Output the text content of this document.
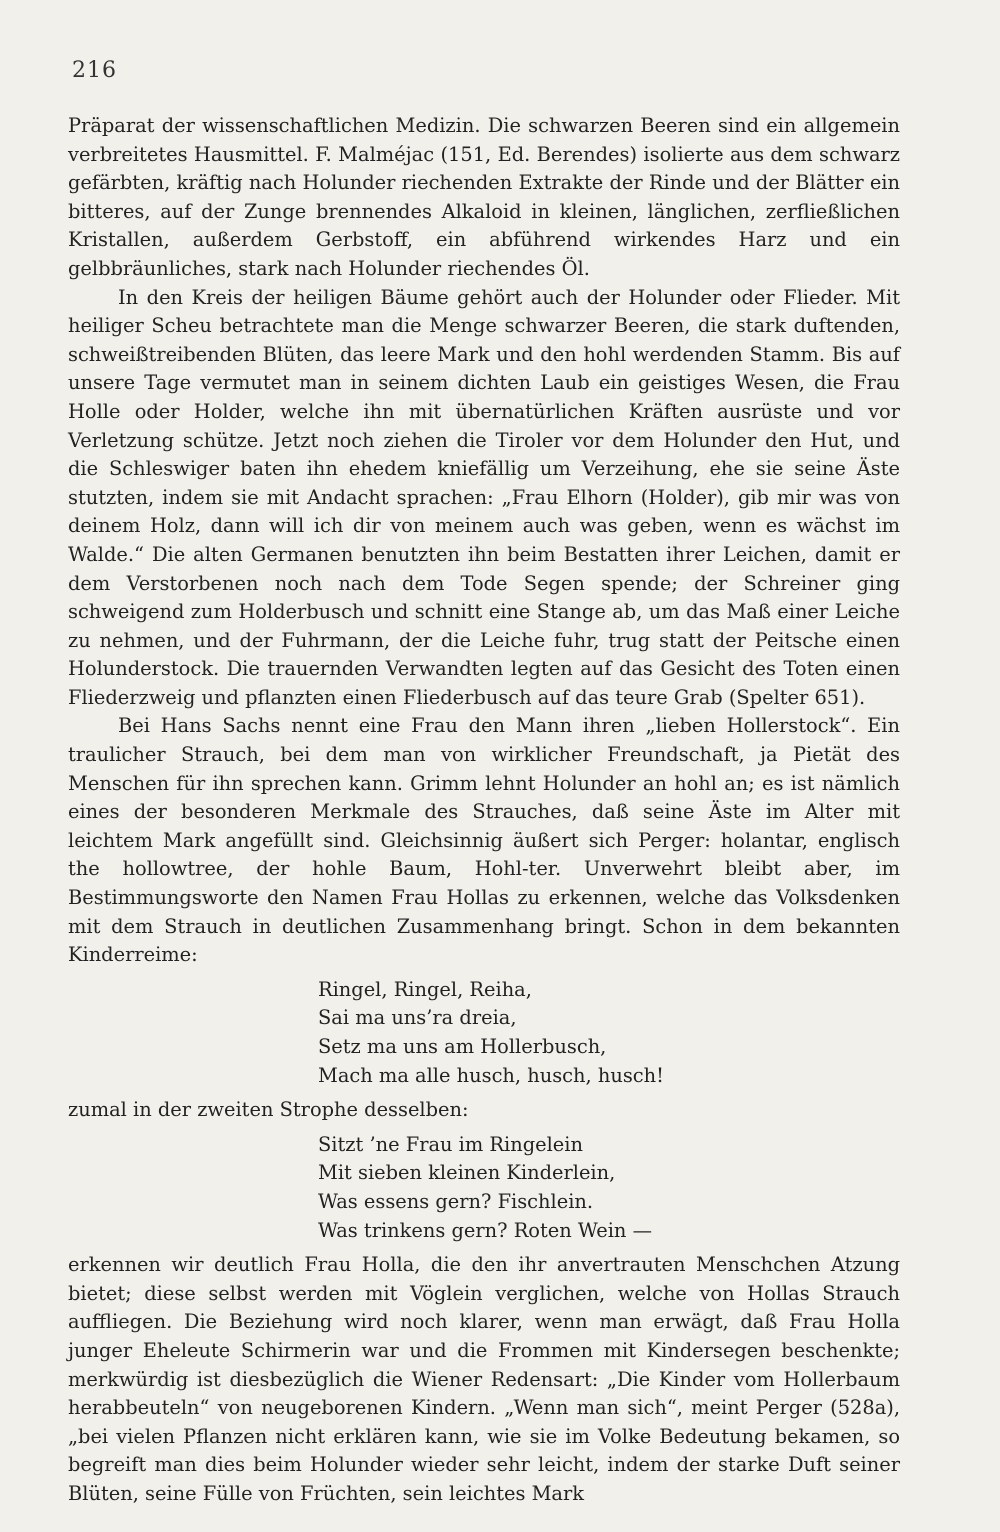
216

Präparat der wissenschaftlichen Medizin. Die schwarzen Beeren sind ein allgemein verbreitetes Hausmittel. F. Malméjac (151, Ed. Berendes) isolierte aus dem schwarz gefärbten, kräftig nach Holunder riechenden Extrakte der Rinde und der Blätter ein bitteres, auf der Zunge brennendes Alkaloid in kleinen, länglichen, zerfließlichen Kristallen, außerdem Gerbstoff, ein abführend wirkendes Harz und ein gelbbräunliches, stark nach Holunder riechendes Öl.

In den Kreis der heiligen Bäume gehört auch der Holunder oder Flieder. Mit heiliger Scheu betrachtete man die Menge schwarzer Beeren, die stark duftenden, schweißtreibenden Blüten, das leere Mark und den hohl werdenden Stamm. Bis auf unsere Tage vermutet man in seinem dichten Laub ein geistiges Wesen, die Frau Holle oder Holder, welche ihn mit übernatürlichen Kräften ausrüste und vor Verletzung schütze. Jetzt noch ziehen die Tiroler vor dem Holunder den Hut, und die Schleswiger baten ihn ehedem kniefällig um Verzeihung, ehe sie seine Äste stutzten, indem sie mit Andacht sprachen: „Frau Elhorn (Holder), gib mir was von deinem Holz, dann will ich dir von meinem auch was geben, wenn es wächst im Walde.“ Die alten Germanen benutzten ihn beim Bestatten ihrer Leichen, damit er dem Verstorbenen noch nach dem Tode Segen spende; der Schreiner ging schweigend zum Holderbusch und schnitt eine Stange ab, um das Maß einer Leiche zu nehmen, und der Fuhrmann, der die Leiche fuhr, trug statt der Peitsche einen Holunderstock. Die trauernden Verwandten legten auf das Gesicht des Toten einen Fliederzweig und pflanzten einen Fliederbusch auf das teure Grab (Spelter 651).

Bei Hans Sachs nennt eine Frau den Mann ihren „lieben Hollerstock“. Ein traulicher Strauch, bei dem man von wirklicher Freundschaft, ja Pietät des Menschen für ihn sprechen kann. Grimm lehnt Holunder an hohl an; es ist nämlich eines der besonderen Merkmale des Strauches, daß seine Äste im Alter mit leichtem Mark angefüllt sind. Gleichsinnig äußert sich Perger: holantar, englisch the hollowtree, der hohle Baum, Hohl-ter. Unverwehrt bleibt aber, im Bestimmungsworte den Namen Frau Hollas zu erkennen, welche das Volksdenken mit dem Strauch in deutlichen Zusammenhang bringt. Schon in dem bekannten Kinderreime:

Ringel, Ringel, Reiha,
Sai ma uns’ra dreia,
Setz ma uns am Hollerbusch,
Mach ma alle husch, husch, husch!

zumal in der zweiten Strophe desselben:

Sitzt ’ne Frau im Ringelein
Mit sieben kleinen Kinderlein,
Was essens gern? Fischlein.
Was trinkens gern? Roten Wein —

erkennen wir deutlich Frau Holla, die den ihr anvertrauten Menschchen Atzung bietet; diese selbst werden mit Vöglein verglichen, welche von Hollas Strauch auffliegen. Die Beziehung wird noch klarer, wenn man erwägt, daß Frau Holla junger Eheleute Schirmerin war und die Frommen mit Kindersegen beschenkte; merkwürdig ist diesbezüglich die Wiener Redensart: „Die Kinder vom Hollerbaum herabbeuteln“ von neugeborenen Kindern. „Wenn man sich“, meint Perger (528a), „bei vielen Pflanzen nicht erklären kann, wie sie im Volke Bedeutung bekamen, so begreift man dies beim Holunder wieder sehr leicht, indem der starke Duft seiner Blüten, seine Fülle von Früchten, sein leichtes Mark
